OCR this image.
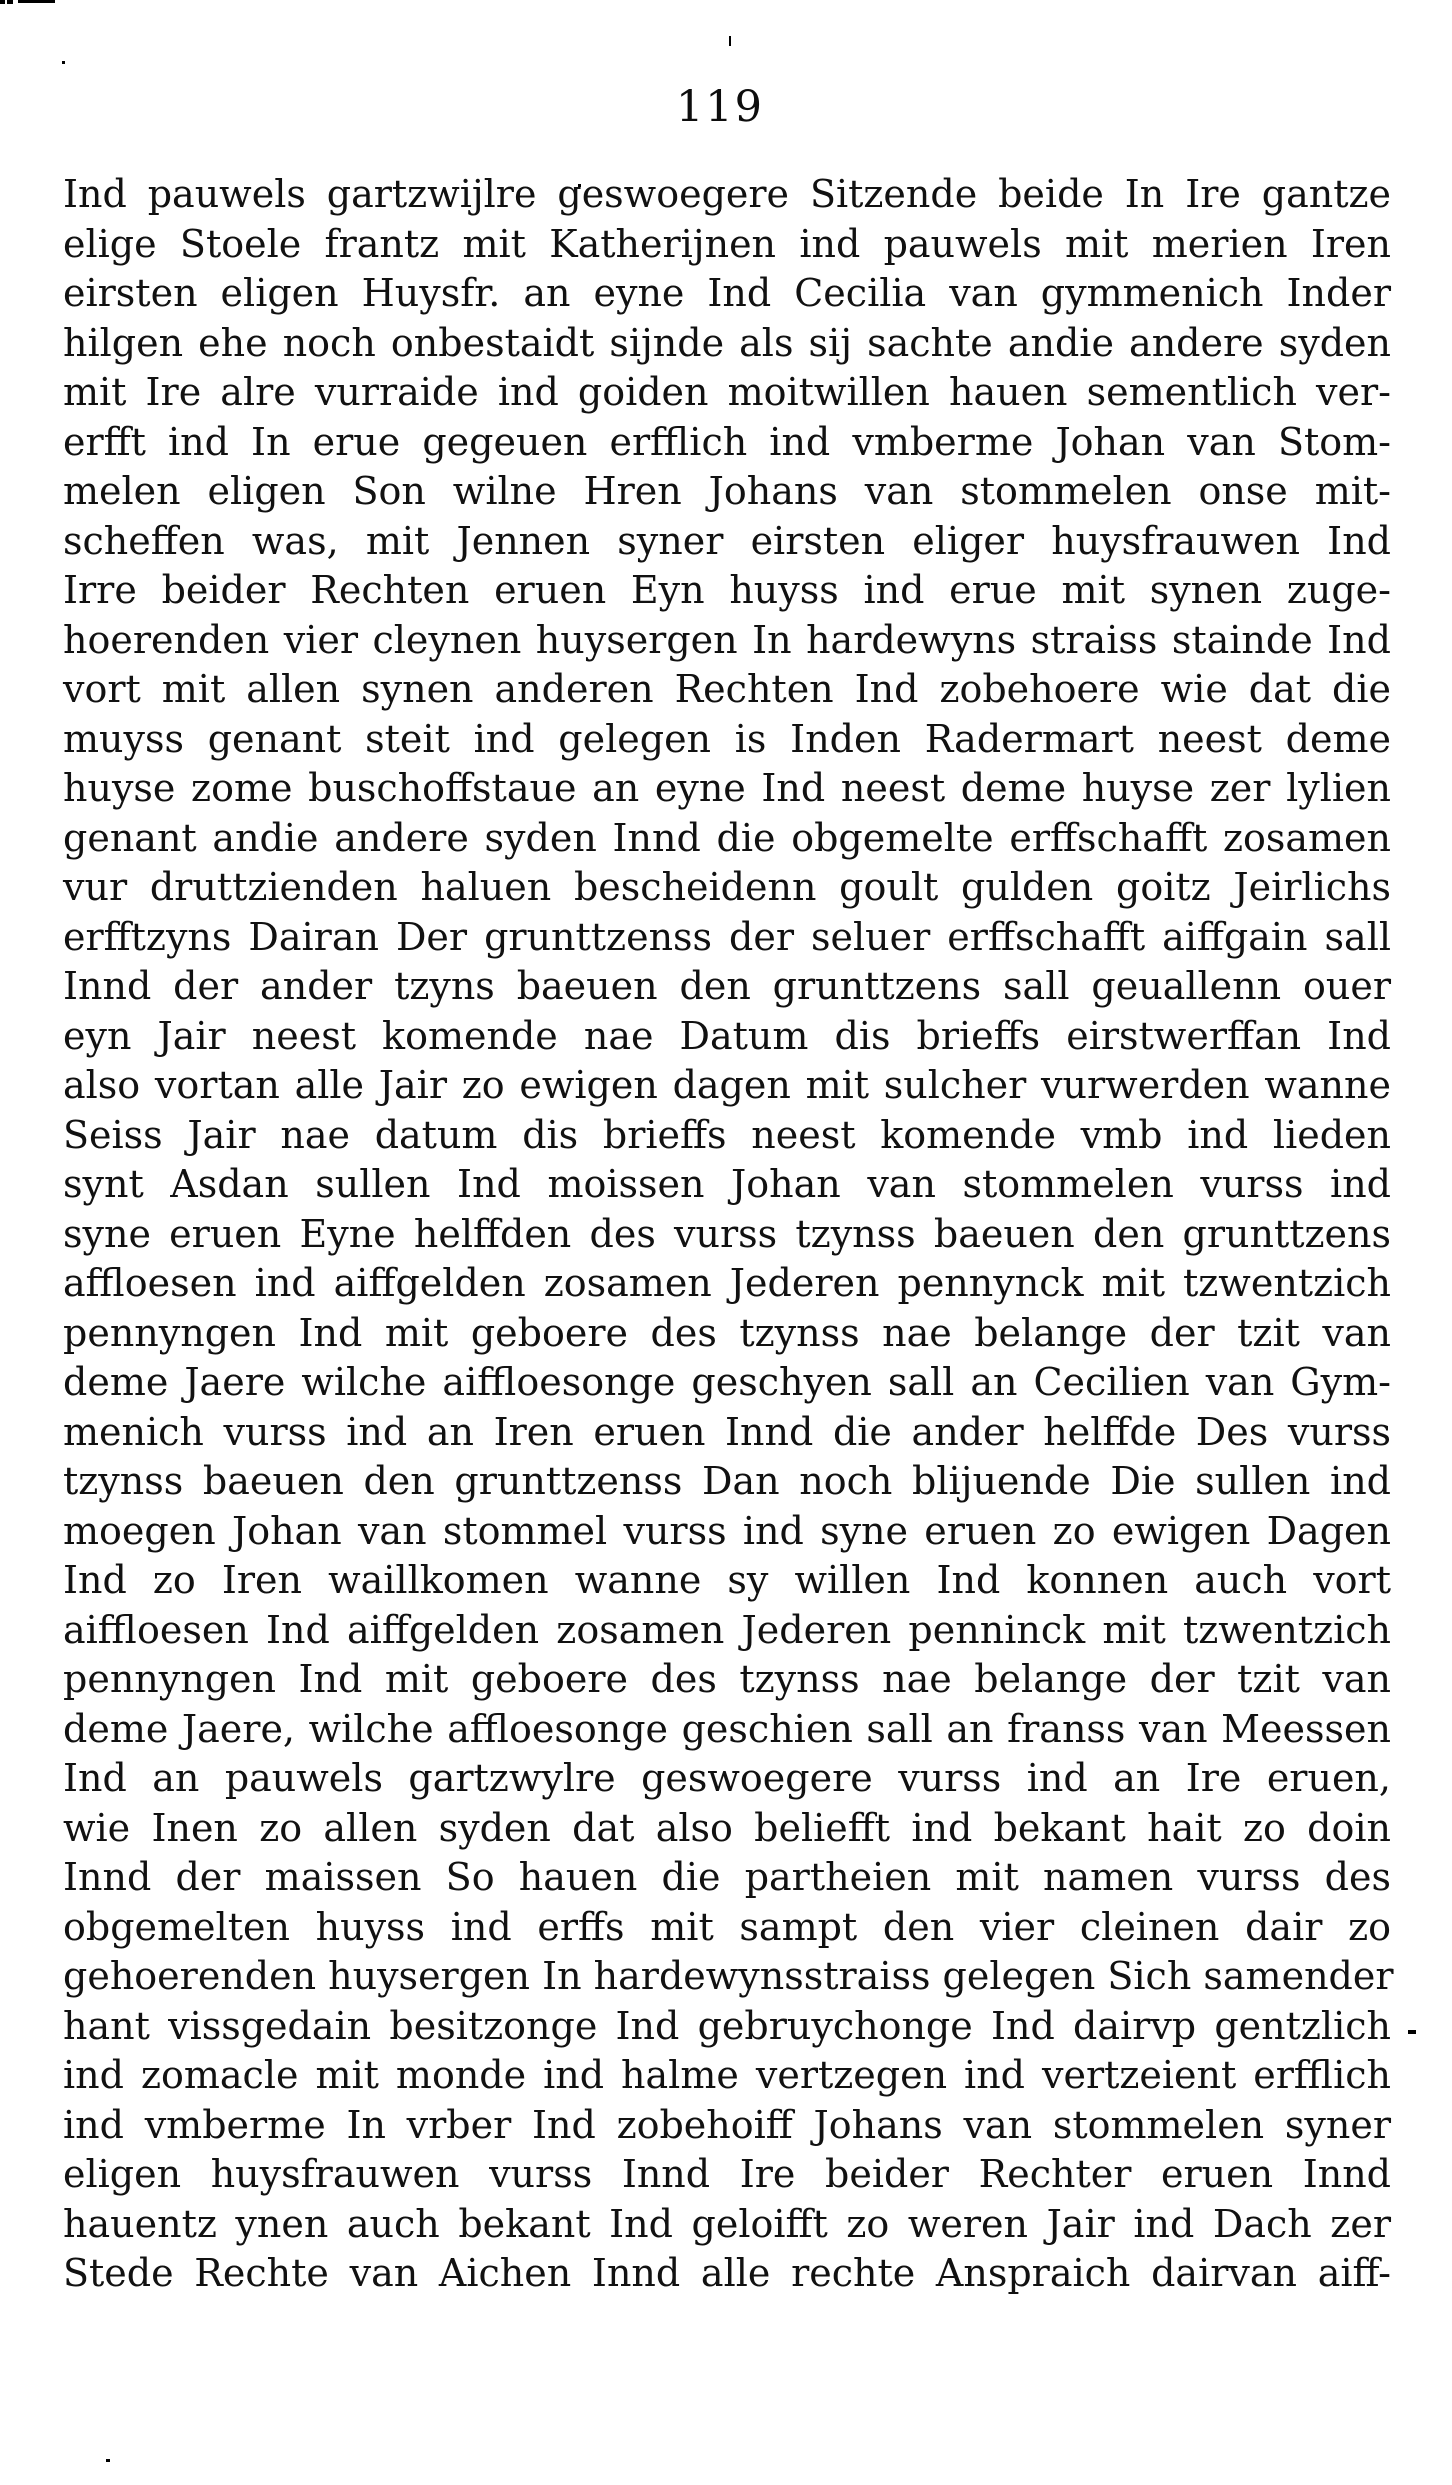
119
Ind pauwels gartzwijlre geswoegere Sitzende beide In Ire gantze
elige Stoele frantz mit Katherijnen ind pauwels mit merien Iren
eirsten eligen Huysfr. an eyne Ind Cecilia van gymmenich Inder
hilgen ehe noch onbestaidt sijnde als sij sachte andie andere syden
mit Ire alre vurraide ind goiden moitwillen hauen sementlich ver-
erfft ind In erue gegeuen erfflich ind vmberme Johan van Stom-
melen eligen Son wilne Hren Johans van stommelen onse mit-
scheffen was, mit Jennen syner eirsten eliger huysfrauwen Ind
Irre beider Rechten eruen Eyn huyss ind erue mit synen zuge-
hoerenden vier cleynen huysergen In hardewyns straiss stainde Ind
vort mit allen synen anderen Rechten Ind zobehoere wie dat die
muyss genant steit ind gelegen is Inden Radermart neest deme
huyse zome buschoffstaue an eyne Ind neest deme huyse zer lylien
genant andie andere syden Innd die obgemelte erffschafft zosamen
vur druttzienden haluen bescheidenn goult gulden goitz Jeirlichs
erfftzyns Dairan Der grunttzenss der seluer erffschafft aiffgain sall
Innd der ander tzyns baeuen den grunttzens sall geuallenn ouer
eyn Jair neest komende nae Datum dis brieffs eirstwerffan Ind
also vortan alle Jair zo ewigen dagen mit sulcher vurwerden wanne
Seiss Jair nae datum dis brieffs neest komende vmb ind lieden
synt Asdan sullen Ind moissen Johan van stommelen vurss ind
syne eruen Eyne helffden des vurss tzynss baeuen den grunttzens
affloesen ind aiffgelden zosamen Jederen pennynck mit tzwentzich
pennyngen Ind mit geboere des tzynss nae belange der tzit van
deme Jaere wilche aiffloesonge geschyen sall an Cecilien van Gym-
menich vurss ind an Iren eruen Innd die ander helffde Des vurss
tzynss baeuen den grunttzenss Dan noch blijuende Die sullen ind
moegen Johan van stommel vurss ind syne eruen zo ewigen Dagen
Ind zo Iren waillkomen wanne sy willen Ind konnen auch vort
aiffloesen Ind aiffgelden zosamen Jederen penninck mit tzwentzich
pennyngen Ind mit geboere des tzynss nae belange der tzit van
deme Jaere, wilche affloesonge geschien sall an franss van Meessen
Ind an pauwels gartzwylre geswoegere vurss ind an Ire eruen,
wie Inen zo allen syden dat also beliefft ind bekant hait zo doin
Innd der maissen So hauen die partheien mit namen vurss des
obgemelten huyss ind erffs mit sampt den vier cleinen dair zo
gehoerenden huysergen In hardewynsstraiss gelegen Sich samender
hant vissgedain besitzonge Ind gebruychonge Ind dairvp gentzlich
ind zomacle mit monde ind halme vertzegen ind vertzeient erfflich
ind vmberme In vrber Ind zobehoiff Johans van stommelen syner
eligen huysfrauwen vurss Innd Ire beider Rechter eruen Innd
hauentz ynen auch bekant Ind geloifft zo weren Jair ind Dach zer
Stede Rechte van Aichen Innd alle rechte Anspraich dairvan aiff-
